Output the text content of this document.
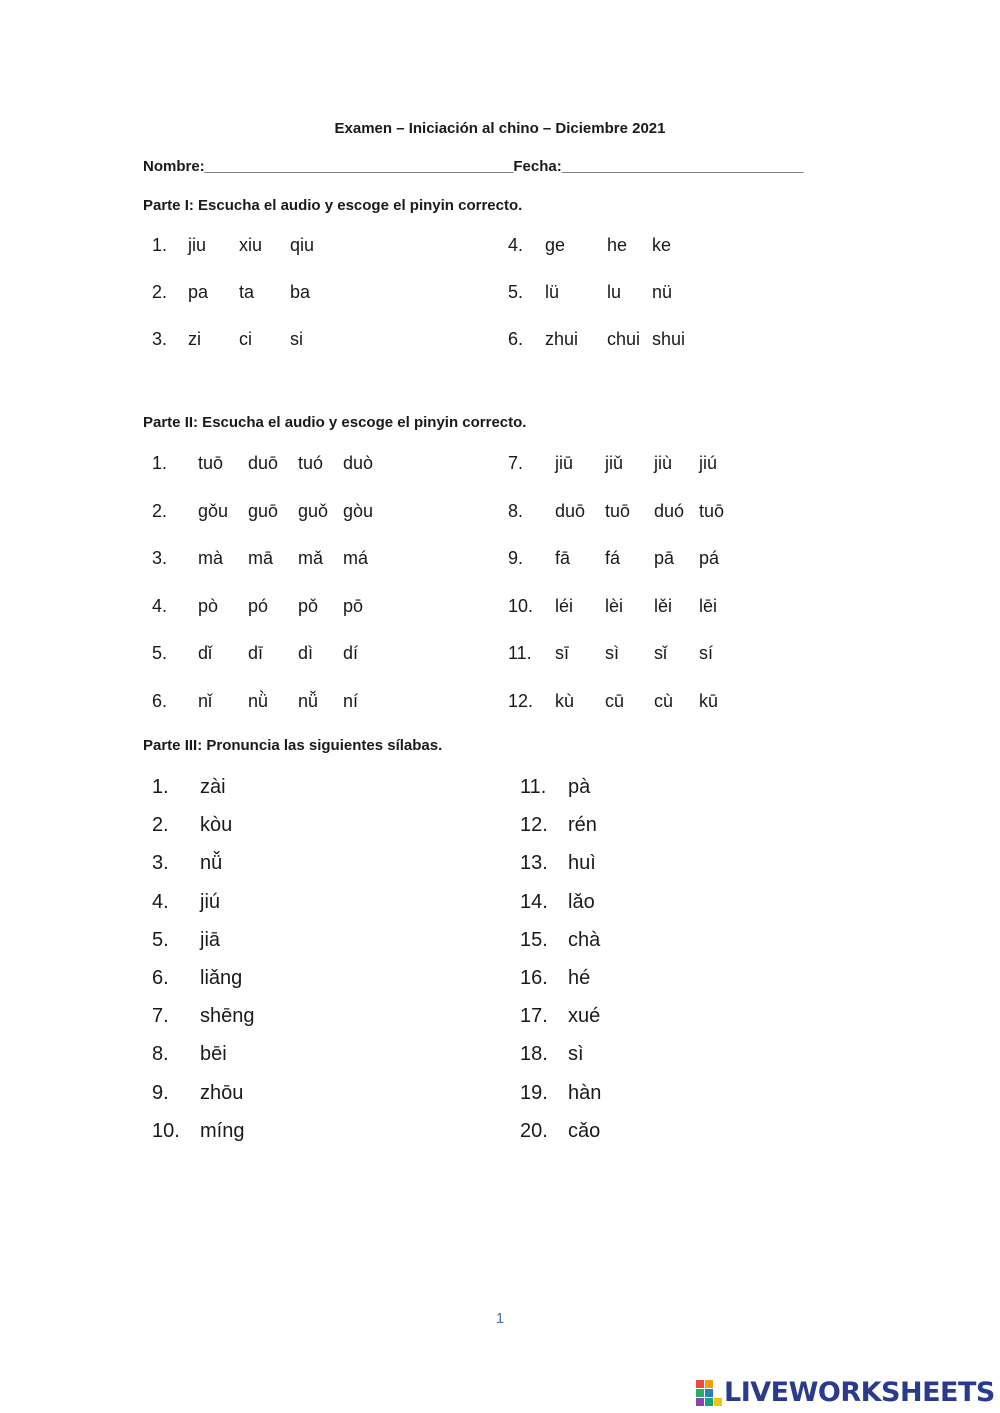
Examen – Iniciación al chino – Diciembre 2021
Nombre:_____________________________________Fecha:_____________________________
Parte I: Escucha el audio y escoge el pinyin correcto.
1.	jiu	xiu	qiu
2.	pa	ta	ba
3.	zi	ci	si
4.	ge	he	ke
5.	lü	lu	nü
6.	zhui	chui shui
Parte II: Escucha el audio y escoge el pinyin correcto.
1.	tuō	duō	tuó	duò
2.	gǒu	guō	guǒ gòu
3.	mà	mā	mǎ	má
4.	pò	pó	pǒ	pō
5.	dǐ	dī	dì	dí
6.	nǐ	nǜ	nǚ	ní
7.	jiū	jiǔ	jiù	jiú
8.	duō	tuō	duó tuō
9.	fā	fá	pā	pá
10.	léi	lèi	lěi	lēi
11.	sī	sì	sǐ	sí
12.	kù	cū	cù	kū
Parte III: Pronuncia las siguientes sílabas.
1.	zài
2.	kòu
3.	nǚ
4.	jiú
5.	jiā
6.	liǎng
7.	shēng
8.	bēi
9.	zhōu
10.	míng
11.	pà
12.	rén
13.	huì
14.	lǎo
15.	chà
16.	hé
17.	xué
18.	sì
19.	hàn
20.	cǎo
1
LIVEWORKSHEETS
